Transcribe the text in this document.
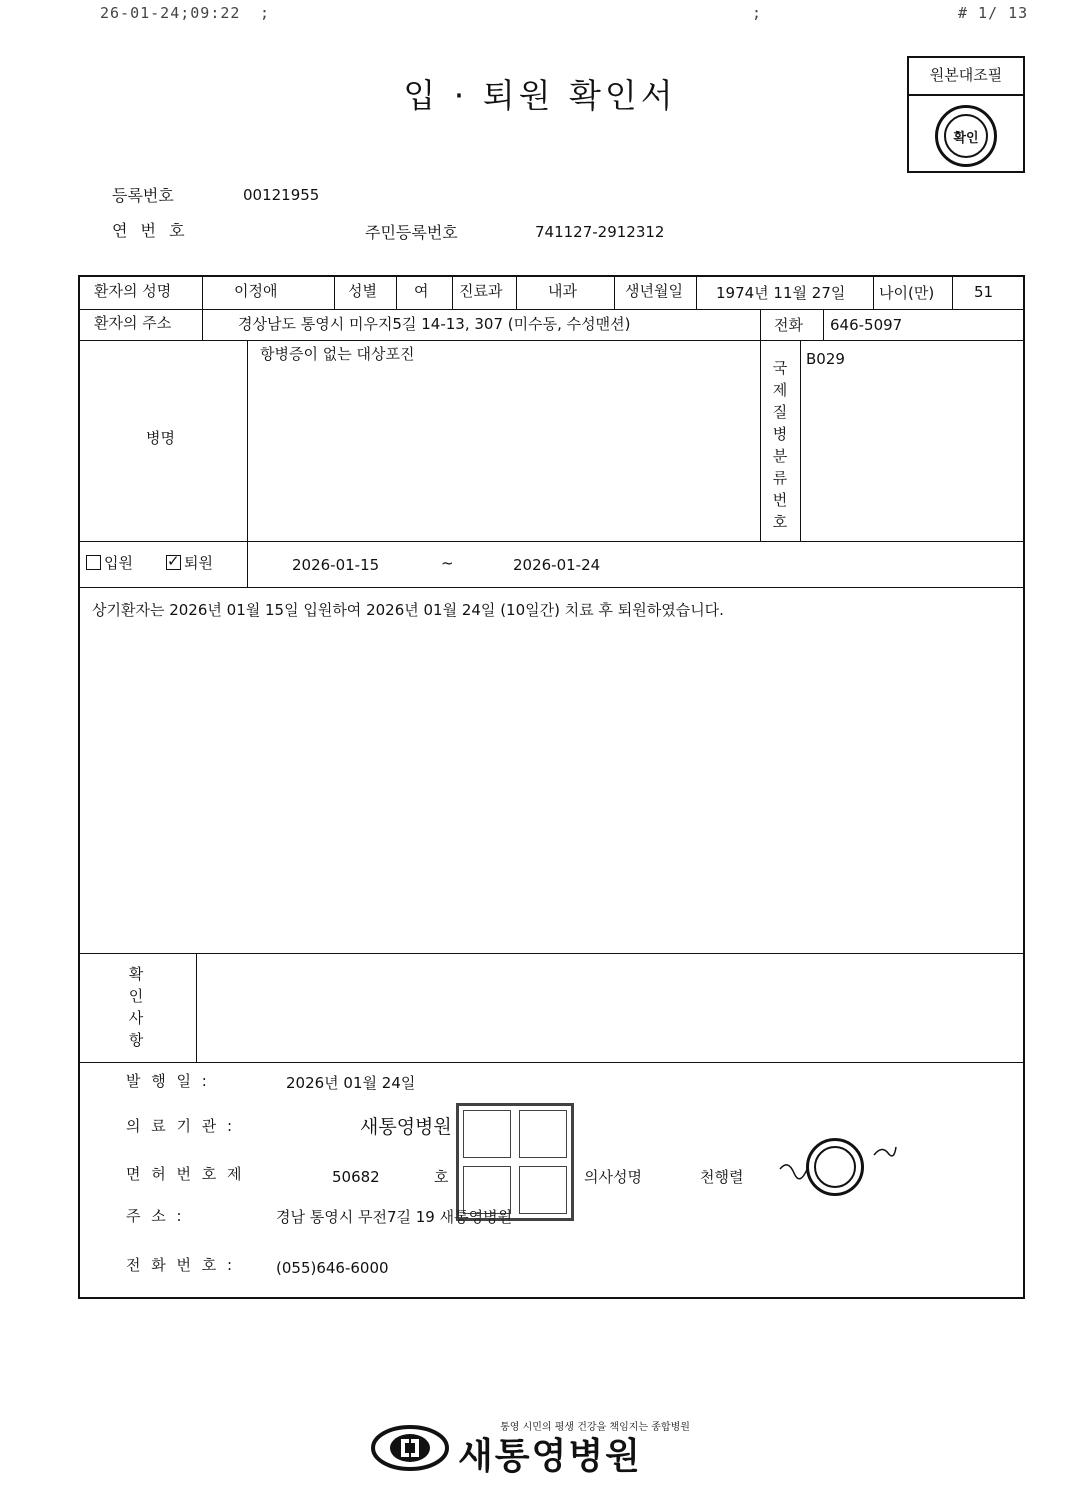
26-01-24;09:22 ;	;	# 1/ 13
입 · 퇴원 확인서
원본대조필
확인
등록번호	00121955
연 번 호	주민등록번호	741127-2912312
환자의 성명	이정애	성별 여 진료과	내과	생년월일 1974년 11월 27일 나이(만)	51
환자의 주소	경상남도 통영시 미우지5길 14-13, 307 (미수동, 수성맨션)	전화 646-5097
병명
항병증이 없는 대상포진
국제질병분류번호
B029
입원
✓	퇴원	2026-01-15	~	2026-01-24
상기환자는 2026년 01월 15일 입원하여 2026년 01월 24일 (10일간) 치료 후 퇴원하였습니다.
확인사항
발 행 일 :	2026년 01월 24일
의 료 기 관 :	새통영병원
면 허 번 호 제	50682	호	의사성명	천행렬
주 소 :	경남 통영시 무전7길 19 새통영병원
전 화 번 호 :	(055)646-6000
통영 시민의 평생 건강을 책임지는 종합병원
새통영병원
